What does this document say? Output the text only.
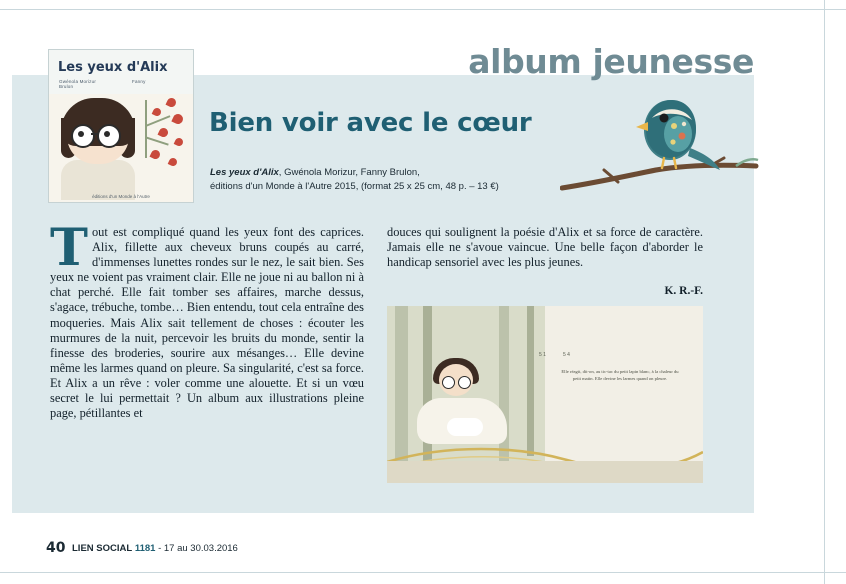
album jeunesse
Les yeux d'Alix
Gwénola Morizur	Fanny Brulon
éditions d'un Monde à l'Autre
Bien voir avec le cœur
Les yeux d'Alix, Gwénola Morizur, Fanny Brulon,
éditions d'un Monde à l'Autre 2015, (format 25 x 25 cm, 48 p. – 13 €)
Tout est compliqué quand les yeux font des caprices. Alix, fillette aux cheveux bruns coupés au carré, d'immenses lunettes rondes sur le nez, le sait bien. Ses yeux ne voient pas vraiment clair. Elle ne joue ni au ballon ni à chat perché. Elle fait tomber ses affaires, marche dessus, s'agace, trébuche, tombe… Bien entendu, tout cela entraîne des moqueries. Mais Alix sait tellement de choses : écouter les murmures de la nuit, percevoir les bruits du monde, sentir la finesse des broderies, sourire aux mésanges… Elle devine même les larmes quand on pleure. Sa singularité, c'est sa force. Et Alix a un rêve : voler comme une alouette. Et si un vœu secret le lui permettait ? Un album aux illustrations pleine page, pétillantes et
douces qui soulignent la poésie d'Alix et sa force de caractère. Jamais elle ne s'avoue vaincue. Une belle façon d'aborder le handicap sensoriel avec les plus jeunes.
K. R.-F.
Elle réagit, dit-on, au tic-tac du petit lapin blanc, à la chaleur du petit matin. Elle devine les larmes quand on pleure.
5 1	5 4
40 LIEN SOCIAL 1181 - 17 au 30.03.2016
